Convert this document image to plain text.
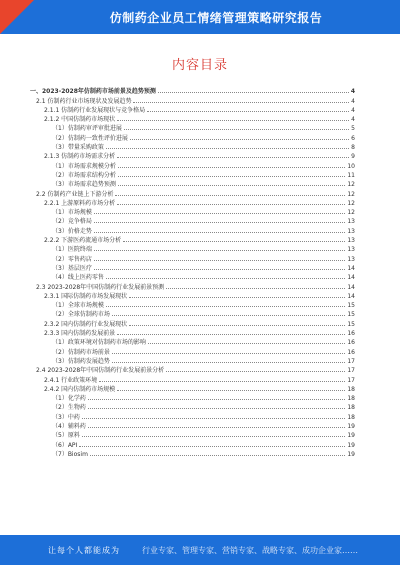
仿制药企业员工情绪管理策略研究报告
内容目录
一、2023-2028年仿制药市场前景及趋势预测	4
2.1 仿制药行业市场现状及发展趋势	4
2.1.1 仿制药行业发展现状与竞争格局	4
2.1.2 中国仿制药市场现状	4
（1）仿制药审评审批进展	5
（2）仿制药一致性评价进展	6
（3）带量采购政策	8
2.1.3 仿制药市场需求分析	9
（1）市场需求规模分析	10
（2）市场需求结构分析	11
（3）市场需求趋势预测	12
2.2 仿制药产业链上下游分析	12
2.2.1 上游原料药市场分析	12
（1）市场规模	12
（2）竞争格局	13
（3）价格走势	13
2.2.2 下游医药流通市场分析	13
（1）医院终端	13
（2）零售药店	13
（3）基层医疗	14
（4）线上医药零售	14
2.3 2023-2028年中国仿制药行业发展前景预测	14
2.3.1 国际仿制药市场发展现状	14
（1）全球市场规模	15
（2）全球仿制药市场	15
2.3.2 国内仿制药行业发展现状	15
2.3.3 国内仿制药发展前景	16
（1）政策环境对仿制药市场的影响	16
（2）仿制药市场前景	16
（3）仿制药发展趋势	17
2.4 2023-2028年中国仿制药行业发展前景分析	17
2.4.1 行业政策环境	17
2.4.2 国内仿制药市场规模	18
（1）化学药	18
（2）生物药	18
（3）中药	18
（4）辅料药	19
（5）原料	19
（6）API	19
（7）Biosim	19
让每个人都能成为	行业专家、管理专家、营销专家、战略专家、成功企业家……
